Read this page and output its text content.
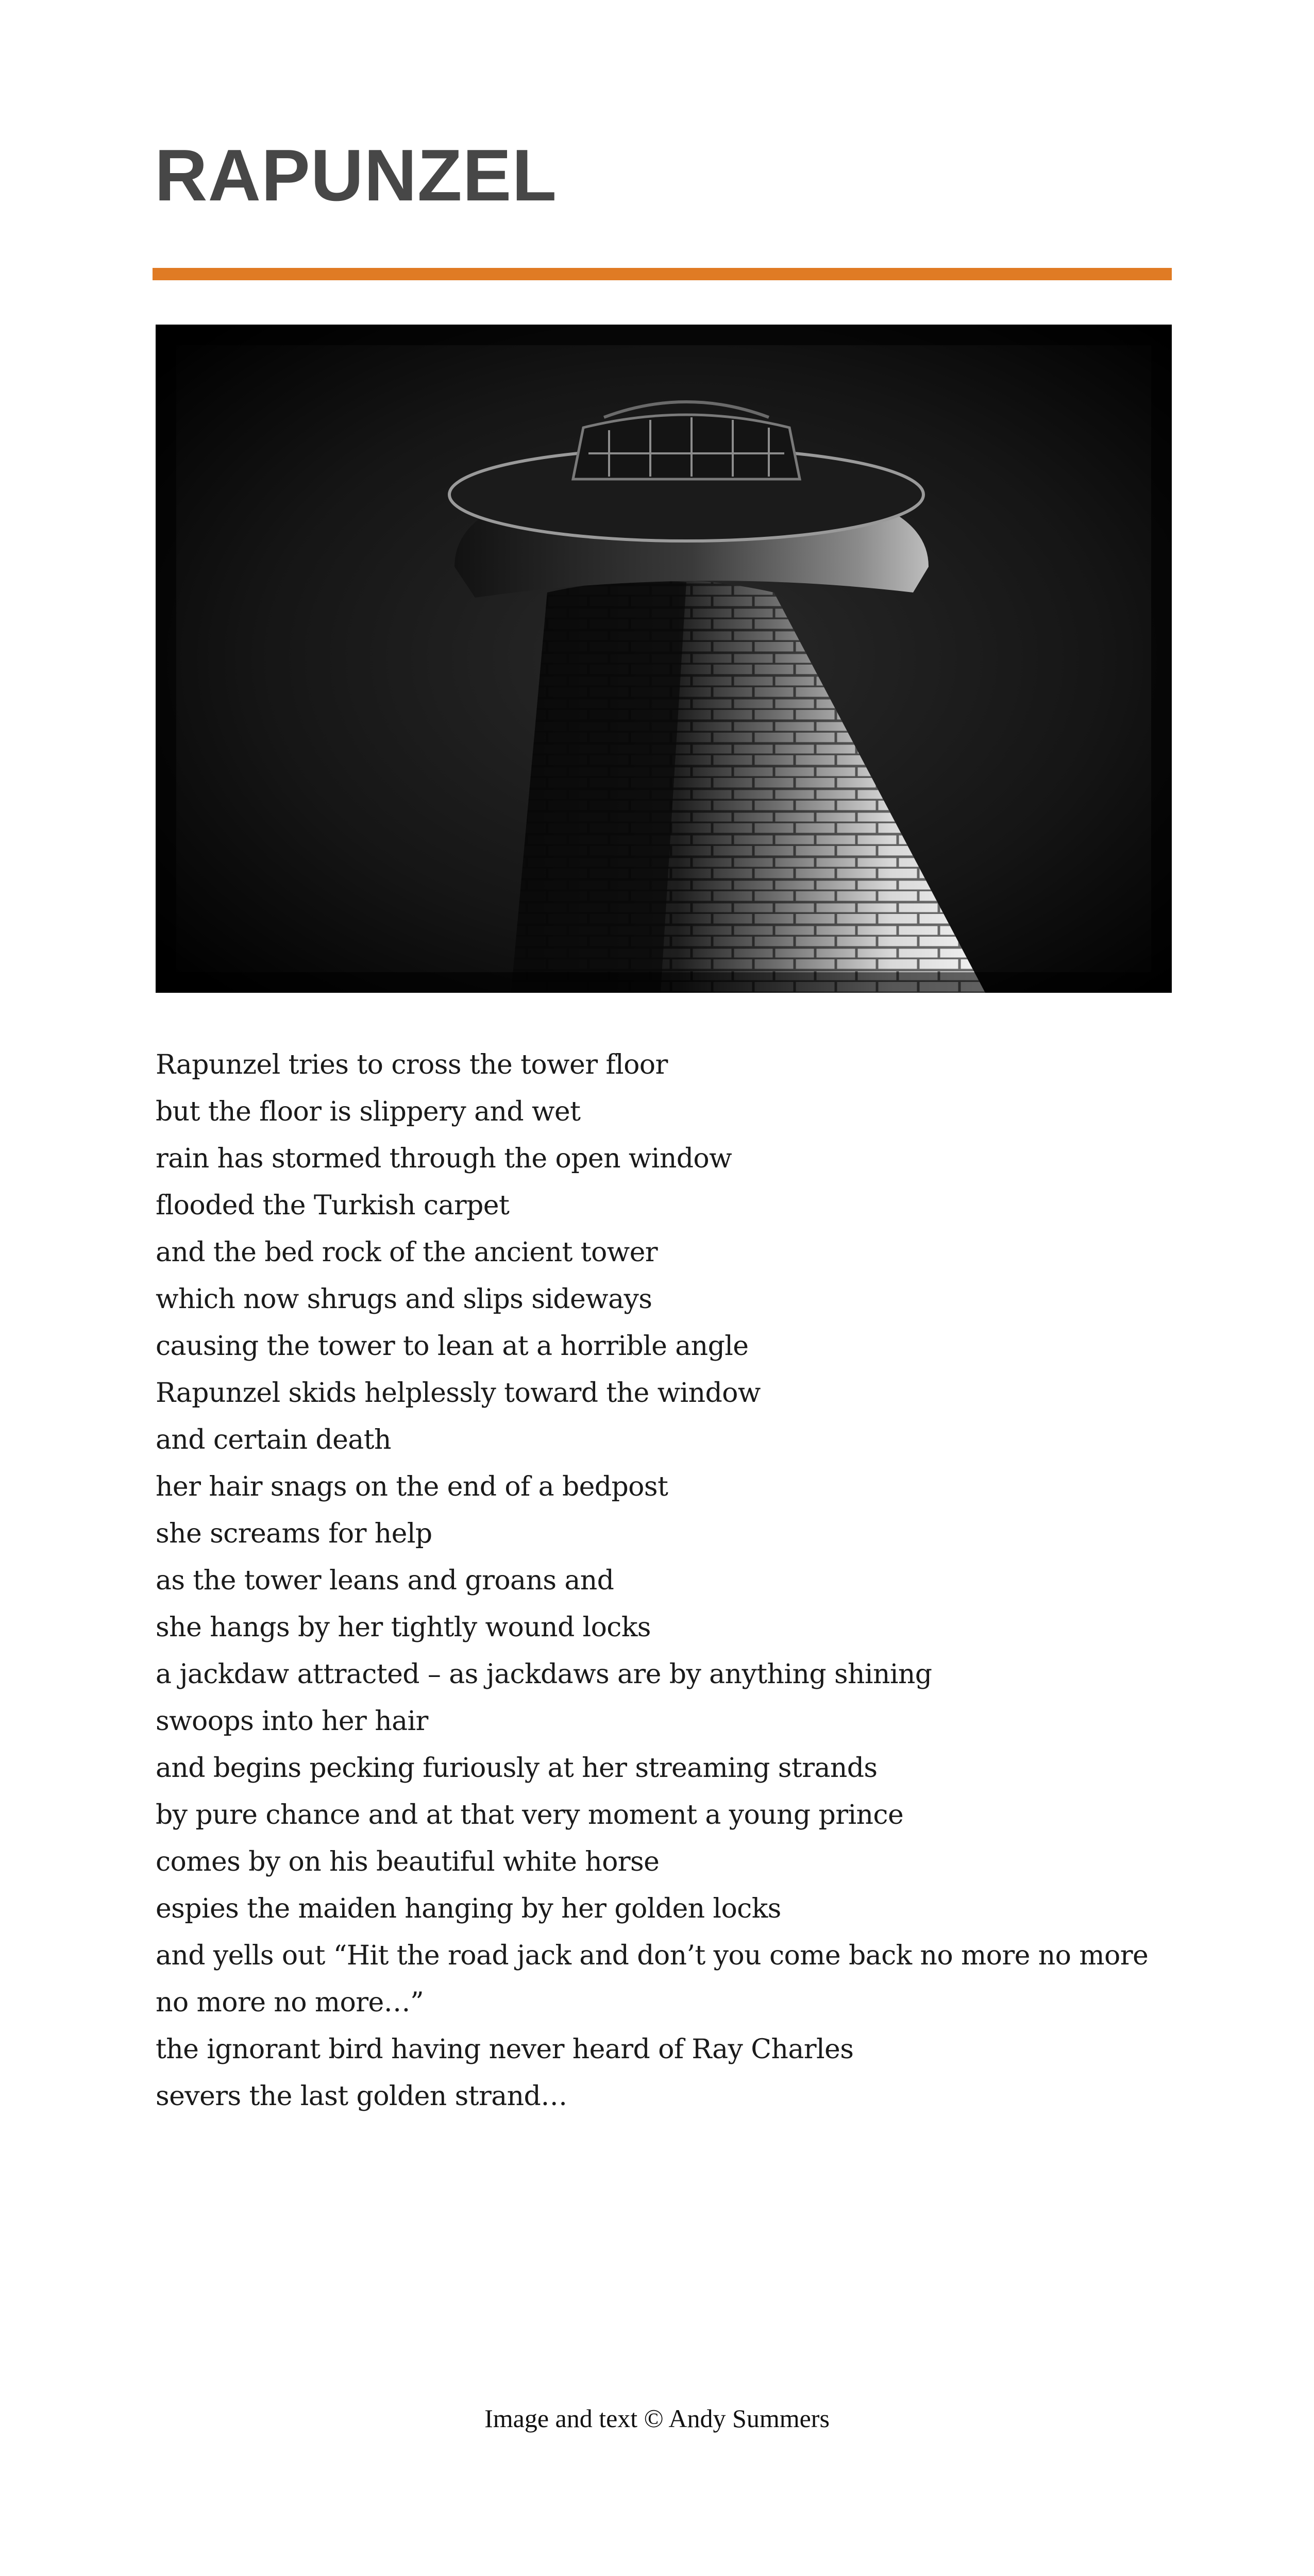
RAPUNZEL
Rapunzel tries to cross the tower floor
but the floor is slippery and wet
rain has stormed through the open window
flooded the Turkish carpet
and the bed rock of the ancient tower
which now shrugs and slips sideways
causing the tower to lean at a horrible angle
Rapunzel skids helplessly toward the window
and certain death
her hair snags on the end of a bedpost
she screams for help
as the tower leans and groans and
she hangs by her tightly wound locks
a jackdaw attracted – as jackdaws are by anything shining
swoops into her hair
and begins pecking furiously at her streaming strands
by pure chance and at that very moment a young prince
comes by on his beautiful white horse
espies the maiden hanging by her golden locks
and yells out “Hit the road jack and don’t you come back no more no more no more no more…”
the ignorant bird having never heard of Ray Charles
severs the last golden strand…
Image and text © Andy Summers
